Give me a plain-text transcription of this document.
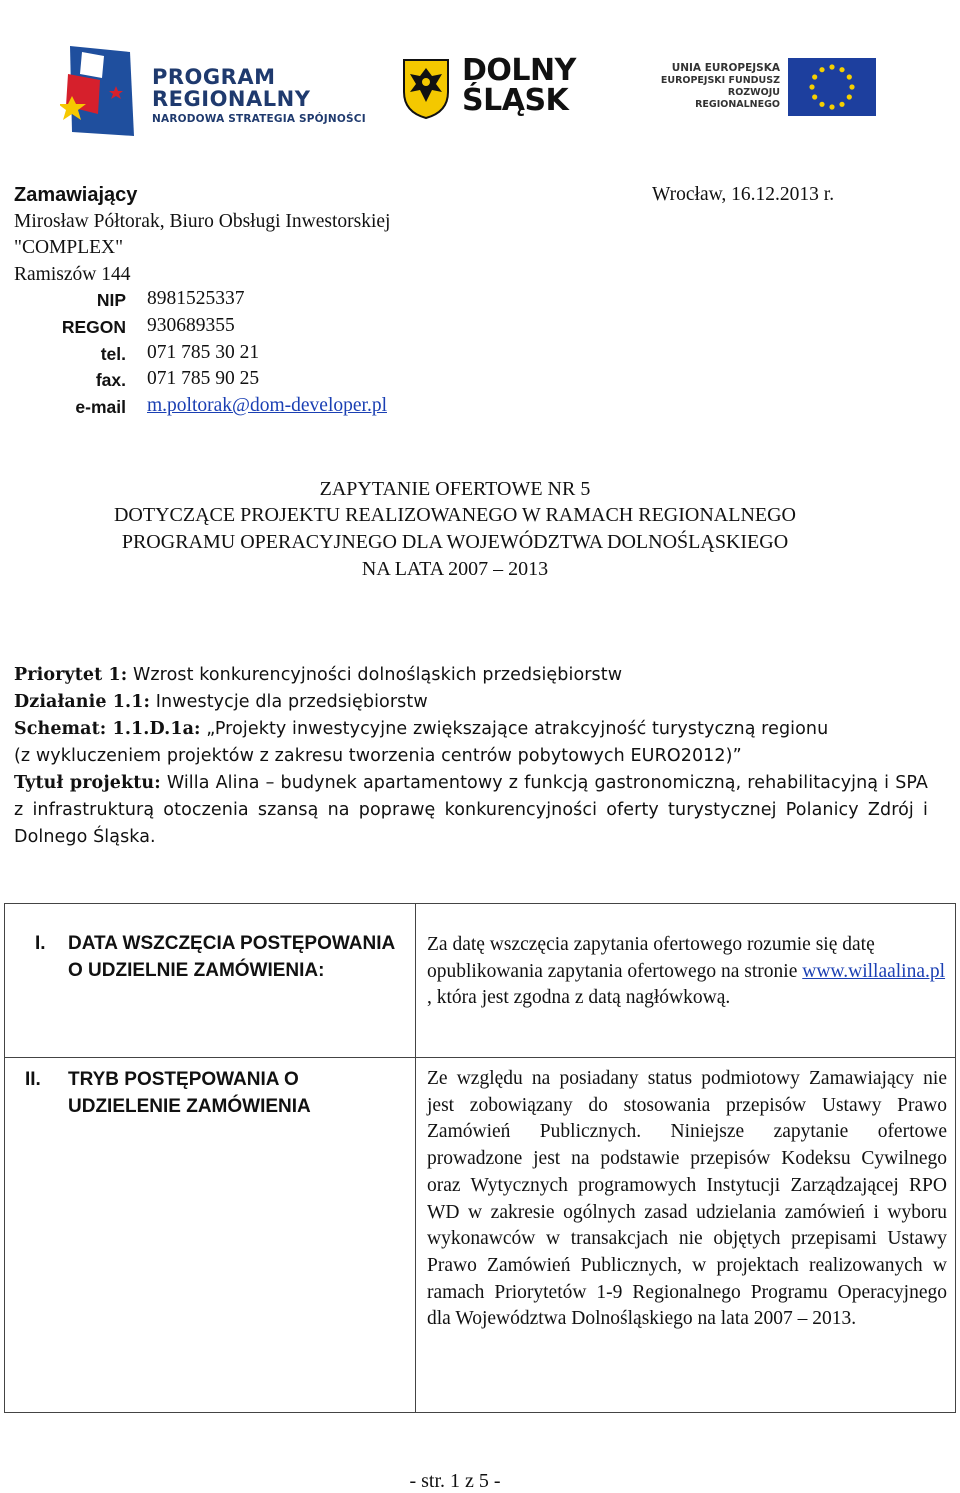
PROGRAM
REGIONALNY
NARODOWA STRATEGIA SPÓJNOŚCI
DOLNY
ŚLĄSK
UNIA EUROPEJSKA
EUROPEJSKI FUNDUSZ
ROZWOJU REGIONALNEGO
Zamawiający	Wrocław, 16.12.2013 r.
Mirosław Półtorak, Biuro Obsługi Inwestorskiej
"COMPLEX"
Ramiszów 144
NIP 8981525337
REGON 930689355
tel. 071 785 30 21
fax. 071 785 90 25
e-mail m.poltorak@dom-developer.pl
ZAPYTANIE OFERTOWE NR 5
DOTYCZĄCE PROJEKTU REALIZOWANEGO W RAMACH REGIONALNEGO
PROGRAMU OPERACYJNEGO DLA WOJEWÓDZTWA DOLNOŚLĄSKIEGO
NA LATA 2007 – 2013
Priorytet 1: Wzrost konkurencyjności dolnośląskich przedsiębiorstw
Działanie 1.1: Inwestycje dla przedsiębiorstw
Schemat: 1.1.D.1a: „Projekty inwestycyjne zwiększające atrakcyjność turystyczną regionu
(z wykluczeniem projektów z zakresu tworzenia centrów pobytowych EURO2012)”
Tytuł projektu: Willa Alina – budynek apartamentowy z funkcją gastronomiczną, rehabilitacyjną i SPA z infrastrukturą otoczenia szansą na poprawę konkurencyjności oferty turystycznej Polanicy Zdrój i Dolnego Śląska.
I. DATA WSZCZĘCIA POSTĘPOWANIA O UDZIELNIE ZAMÓWIENIA:
Za datę wszczęcia zapytania ofertowego rozumie się datę opublikowania zapytania ofertowego na stronie www.willaalina.pl , która jest zgodna z datą nagłówkową.
II. TRYB POSTĘPOWANIA O UDZIELENIE ZAMÓWIENIA
Ze względu na posiadany status podmiotowy Zamawiający nie jest zobowiązany do stosowania przepisów Ustawy Prawo Zamówień Publicznych. Niniejsze zapytanie ofertowe prowadzone jest na podstawie przepisów Kodeksu Cywilnego oraz Wytycznych programowych Instytucji Zarządzającej RPO WD w zakresie ogólnych zasad udzielania zamówień i wyboru wykonawców w transakcjach nie objętych przepisami Ustawy Prawo Zamówień Publicznych, w projektach realizowanych w ramach Priorytetów 1-9 Regionalnego Programu Operacyjnego dla Województwa Dolnośląskiego na lata 2007 – 2013.
- str. 1 z 5 -
